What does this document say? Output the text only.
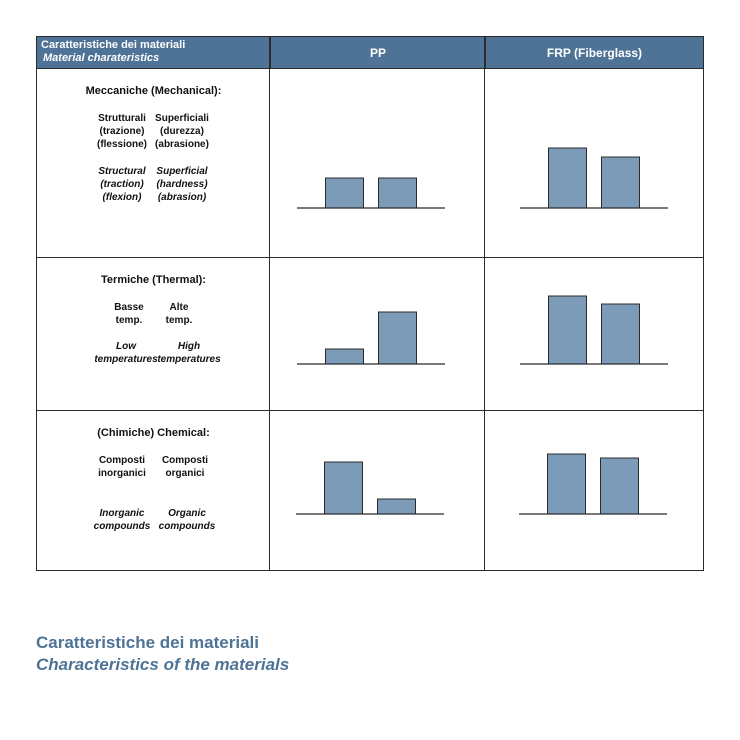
Caratteristiche dei materiali
Material charateristics	PP	FRP (Fiberglass)
Meccaniche (Mechanical):
Strutturali
(trazione)
(flessione)
Superficiali
(durezza)
(abrasione)
Structural
(traction)
(flexion)
Superficial
(hardness)
(abrasion)
Termiche (Thermal):
Basse
temp.
Alte
temp.
Low
temperatures
High
temperatures
(Chimiche) Chemical:
Composti
inorganici
Composti
organici
Inorganic
compounds
Organic
compounds
Caratteristiche dei materiali
Characteristics of the materials
